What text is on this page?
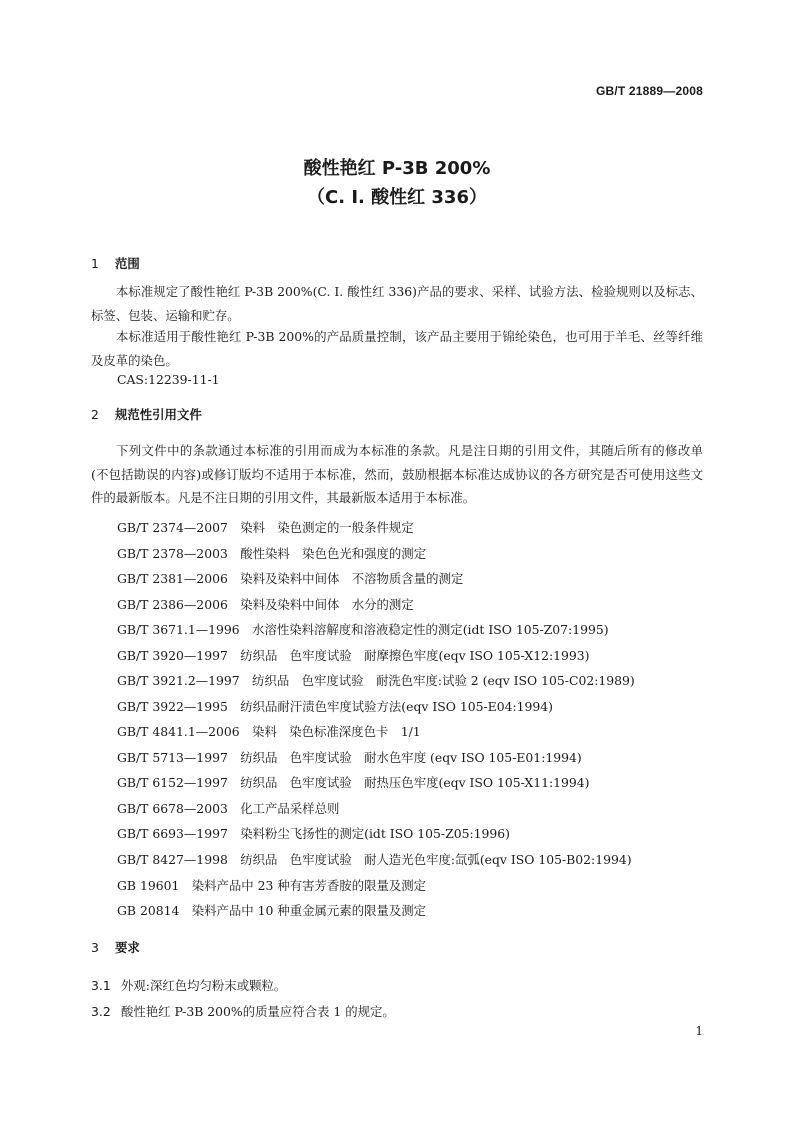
GB/T 21889—2008
酸性艳红 P-3B 200%
（C. I. 酸性红 336）
1 范围
本标准规定了酸性艳红 P-3B 200%(C. I. 酸性红 336)产品的要求、采样、试验方法、检验规则以及标志、标签、包装、运输和贮存。
本标准适用于酸性艳红 P-3B 200%的产品质量控制，该产品主要用于锦纶染色，也可用于羊毛、丝等纤维及皮革的染色。
CAS:12239-11-1
2 规范性引用文件
下列文件中的条款通过本标准的引用而成为本标准的条款。凡是注日期的引用文件，其随后所有的修改单(不包括勘误的内容)或修订版均不适用于本标准，然而，鼓励根据本标准达成协议的各方研究是否可使用这些文件的最新版本。凡是不注日期的引用文件，其最新版本适用于本标准。
GB/T 2374—2007　染料　染色测定的一般条件规定
GB/T 2378—2003　酸性染料　染色色光和强度的测定
GB/T 2381—2006　染料及染料中间体　不溶物质含量的测定
GB/T 2386—2006　染料及染料中间体　水分的测定
GB/T 3671.1—1996　水溶性染料溶解度和溶液稳定性的测定(idt ISO 105-Z07:1995)
GB/T 3920—1997　纺织品　色牢度试验　耐摩擦色牢度(eqv ISO 105-X12:1993)
GB/T 3921.2—1997　纺织品　色牢度试验　耐洗色牢度:试验 2 (eqv ISO 105-C02:1989)
GB/T 3922—1995　纺织品耐汗渍色牢度试验方法(eqv ISO 105-E04:1994)
GB/T 4841.1—2006　染料　染色标准深度色卡　1/1
GB/T 5713—1997　纺织品　色牢度试验　耐水色牢度 (eqv ISO 105-E01:1994)
GB/T 6152—1997　纺织品　色牢度试验　耐热压色牢度(eqv ISO 105-X11:1994)
GB/T 6678—2003　化工产品采样总则
GB/T 6693—1997　染料粉尘飞扬性的测定(idt ISO 105-Z05:1996)
GB/T 8427—1998　纺织品　色牢度试验　耐人造光色牢度:氙弧(eqv ISO 105-B02:1994)
GB 19601　染料产品中 23 种有害芳香胺的限量及测定
GB 20814　染料产品中 10 种重金属元素的限量及测定
3 要求
3.1 外观:深红色均匀粉末或颗粒。
3.2 酸性艳红 P-3B 200%的质量应符合表 1 的规定。
1
